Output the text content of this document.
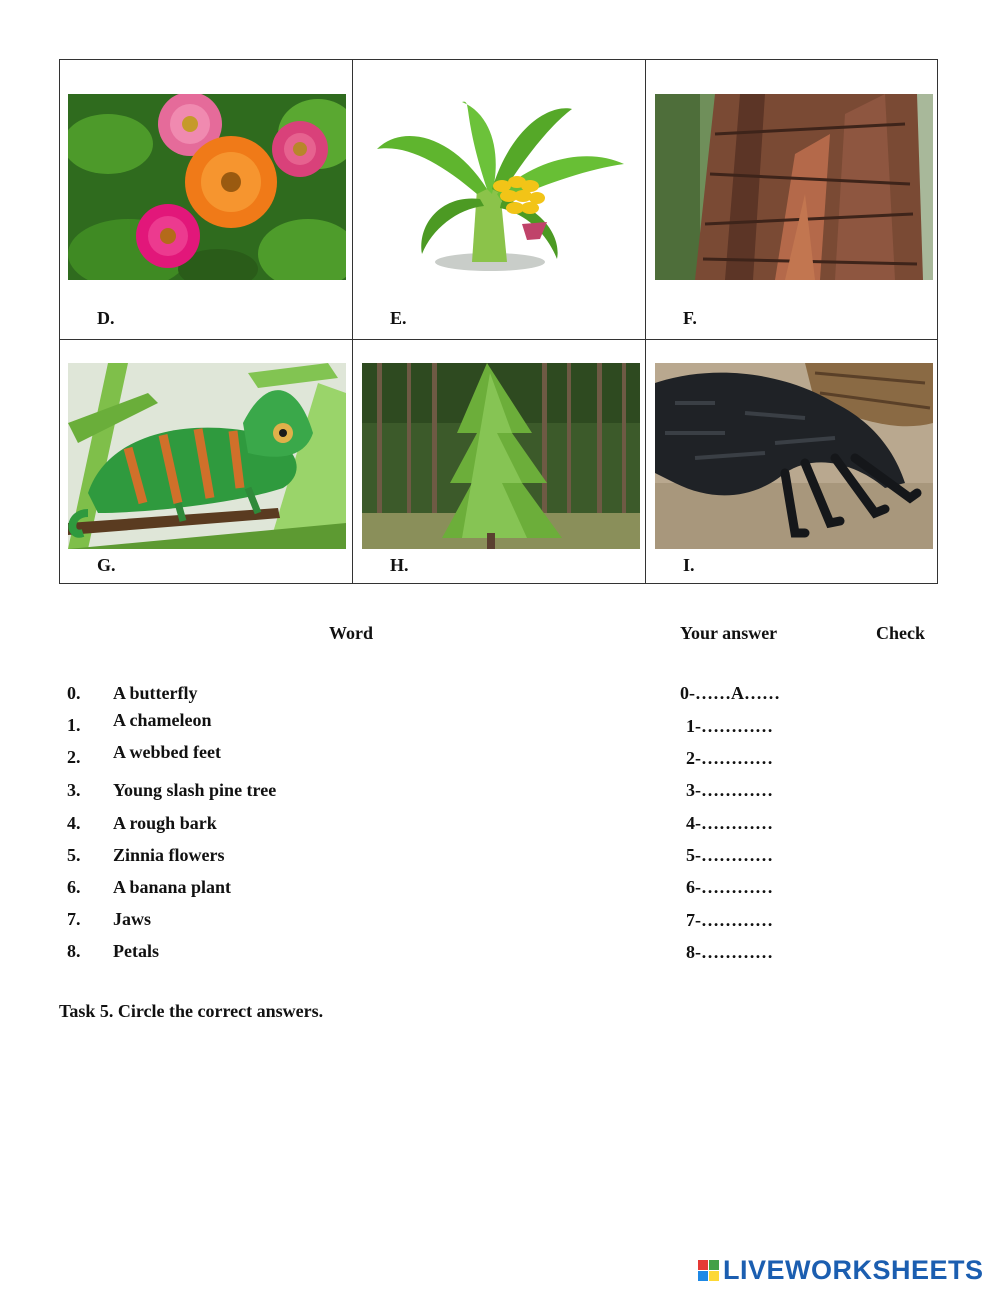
D.	E.	F.
G.	H.	I.
Word	Your answer	Check
0. A butterfly	0-……A……
1. A chameleon	1-…………
2. A webbed feet	2-…………
3. Young slash pine tree	3-…………
4. A rough bark	4-…………
5. Zinnia flowers	5-…………
6. A banana plant	6-…………
7. Jaws	7-…………
8. Petals	8-…………
Task 5. Circle the correct answers.
LIVEWORKSHEETS
